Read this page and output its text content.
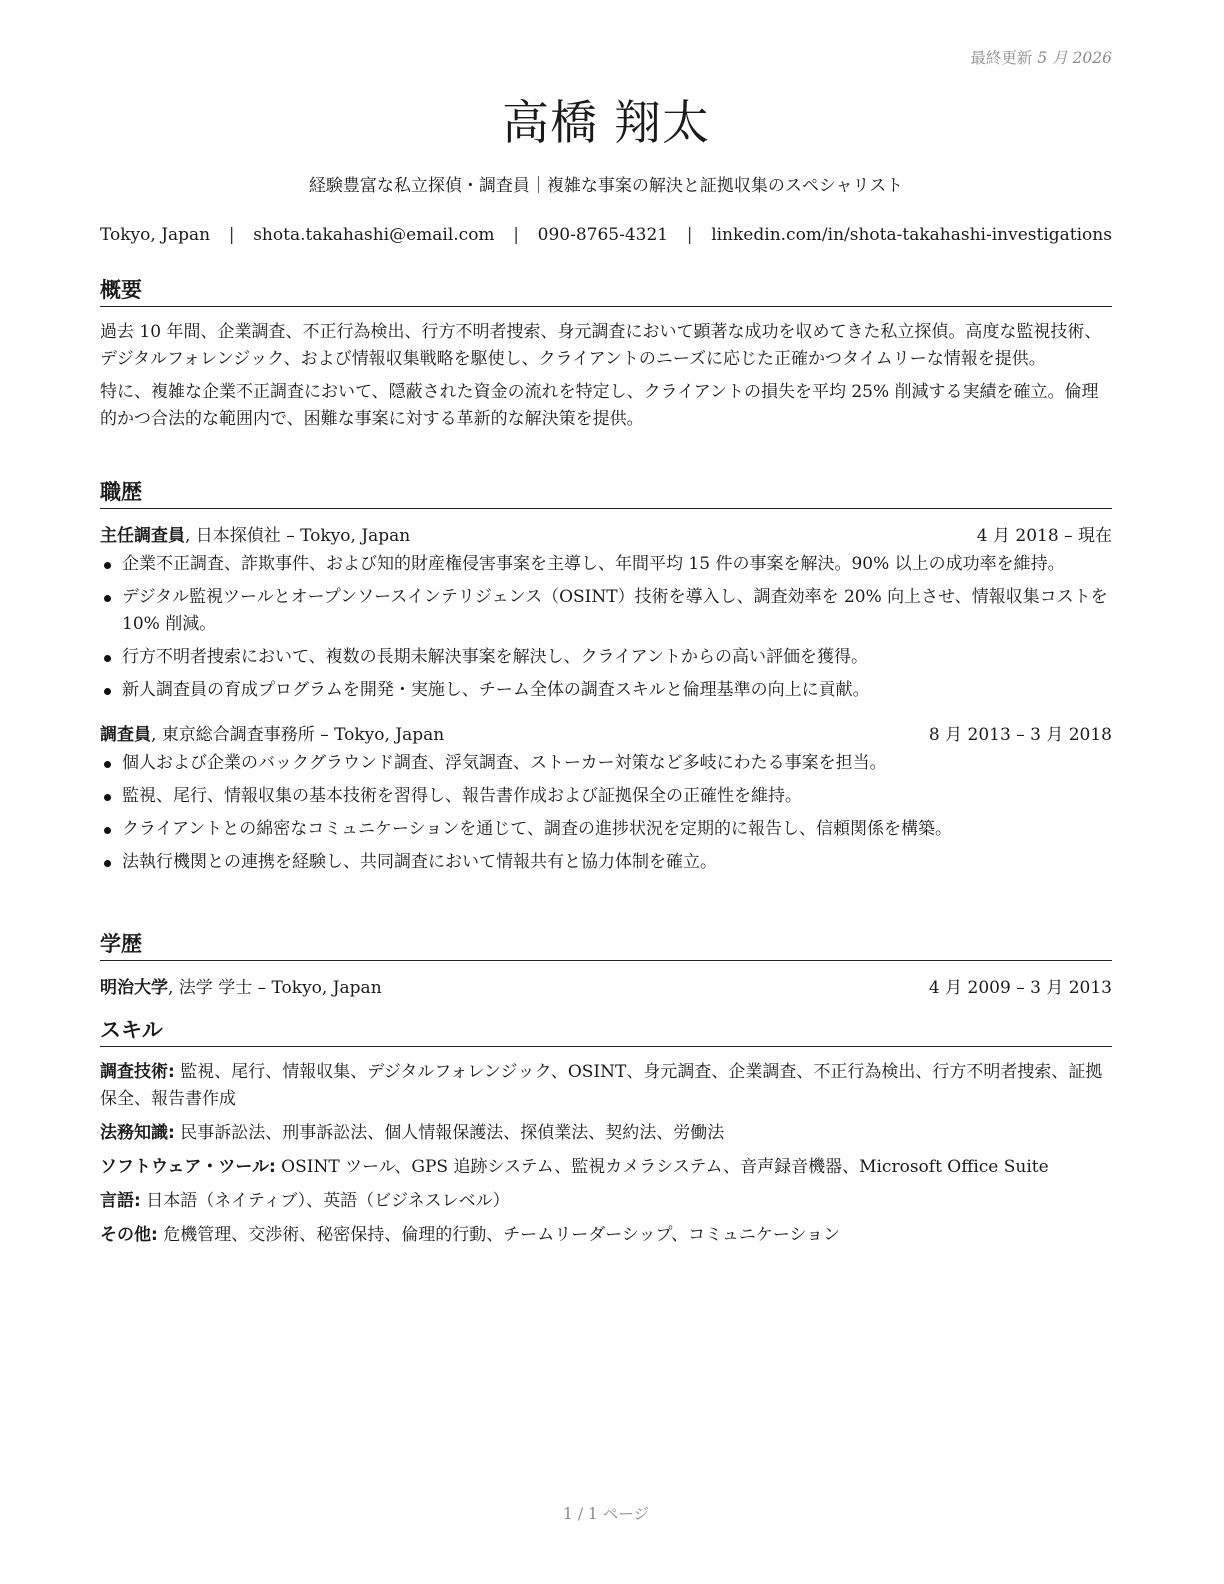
最終更新 5 月 2026
高橋 翔太
経験豊富な私立探偵・調査員｜複雑な事案の解決と証拠収集のスペシャリスト
Tokyo, Japan | shota.takahashi@email.com | 090-8765-4321 | linkedin.com/in/shota-takahashi-investigations
概要

過去 10 年間、企業調査、不正行為検出、行方不明者捜索、身元調査において顕著な成功を収めてきた私立探偵。高度な監視技術、デジタルフォレンジック、および情報収集戦略を駆使し、クライアントのニーズに応じた正確かつタイムリーな情報を提供。

特に、複雑な企業不正調査において、隠蔽された資金の流れを特定し、クライアントの損失を平均 25% 削減する実績を確立。倫理的かつ合法的な範囲内で、困難な事案に対する革新的な解決策を提供。

職歴
主任調査員, 日本探偵社 – Tokyo, Japan	4 月 2018 – 現在
企業不正調査、詐欺事件、および知的財産権侵害事案を主導し、年間平均 15 件の事案を解決。90% 以上の成功率を維持。
デジタル監視ツールとオープンソースインテリジェンス（OSINT）技術を導入し、調査効率を 20% 向上させ、情報収集コストを 10% 削減。
行方不明者捜索において、複数の長期未解決事案を解決し、クライアントからの高い評価を獲得。
新人調査員の育成プログラムを開発・実施し、チーム全体の調査スキルと倫理基準の向上に貢献。
調査員, 東京総合調査事務所 – Tokyo, Japan	8 月 2013 – 3 月 2018
個人および企業のバックグラウンド調査、浮気調査、ストーカー対策など多岐にわたる事案を担当。
監視、尾行、情報収集の基本技術を習得し、報告書作成および証拠保全の正確性を維持。
クライアントとの綿密なコミュニケーションを通じて、調査の進捗状況を定期的に報告し、信頼関係を構築。
法執行機関との連携を経験し、共同調査において情報共有と協力体制を確立。
学歴
明治大学, 法学 学士 – Tokyo, Japan	4 月 2009 – 3 月 2013
スキル
調査技術: 監視、尾行、情報収集、デジタルフォレンジック、OSINT、身元調査、企業調査、不正行為検出、行方不明者捜索、証拠保全、報告書作成
法務知識: 民事訴訟法、刑事訴訟法、個人情報保護法、探偵業法、契約法、労働法
ソフトウェア・ツール: OSINT ツール、GPS 追跡システム、監視カメラシステム、音声録音機器、Microsoft Office Suite
言語: 日本語（ネイティブ）、英語（ビジネスレベル）
その他: 危機管理、交渉術、秘密保持、倫理的行動、チームリーダーシップ、コミュニケーション
1 / 1 ページ
